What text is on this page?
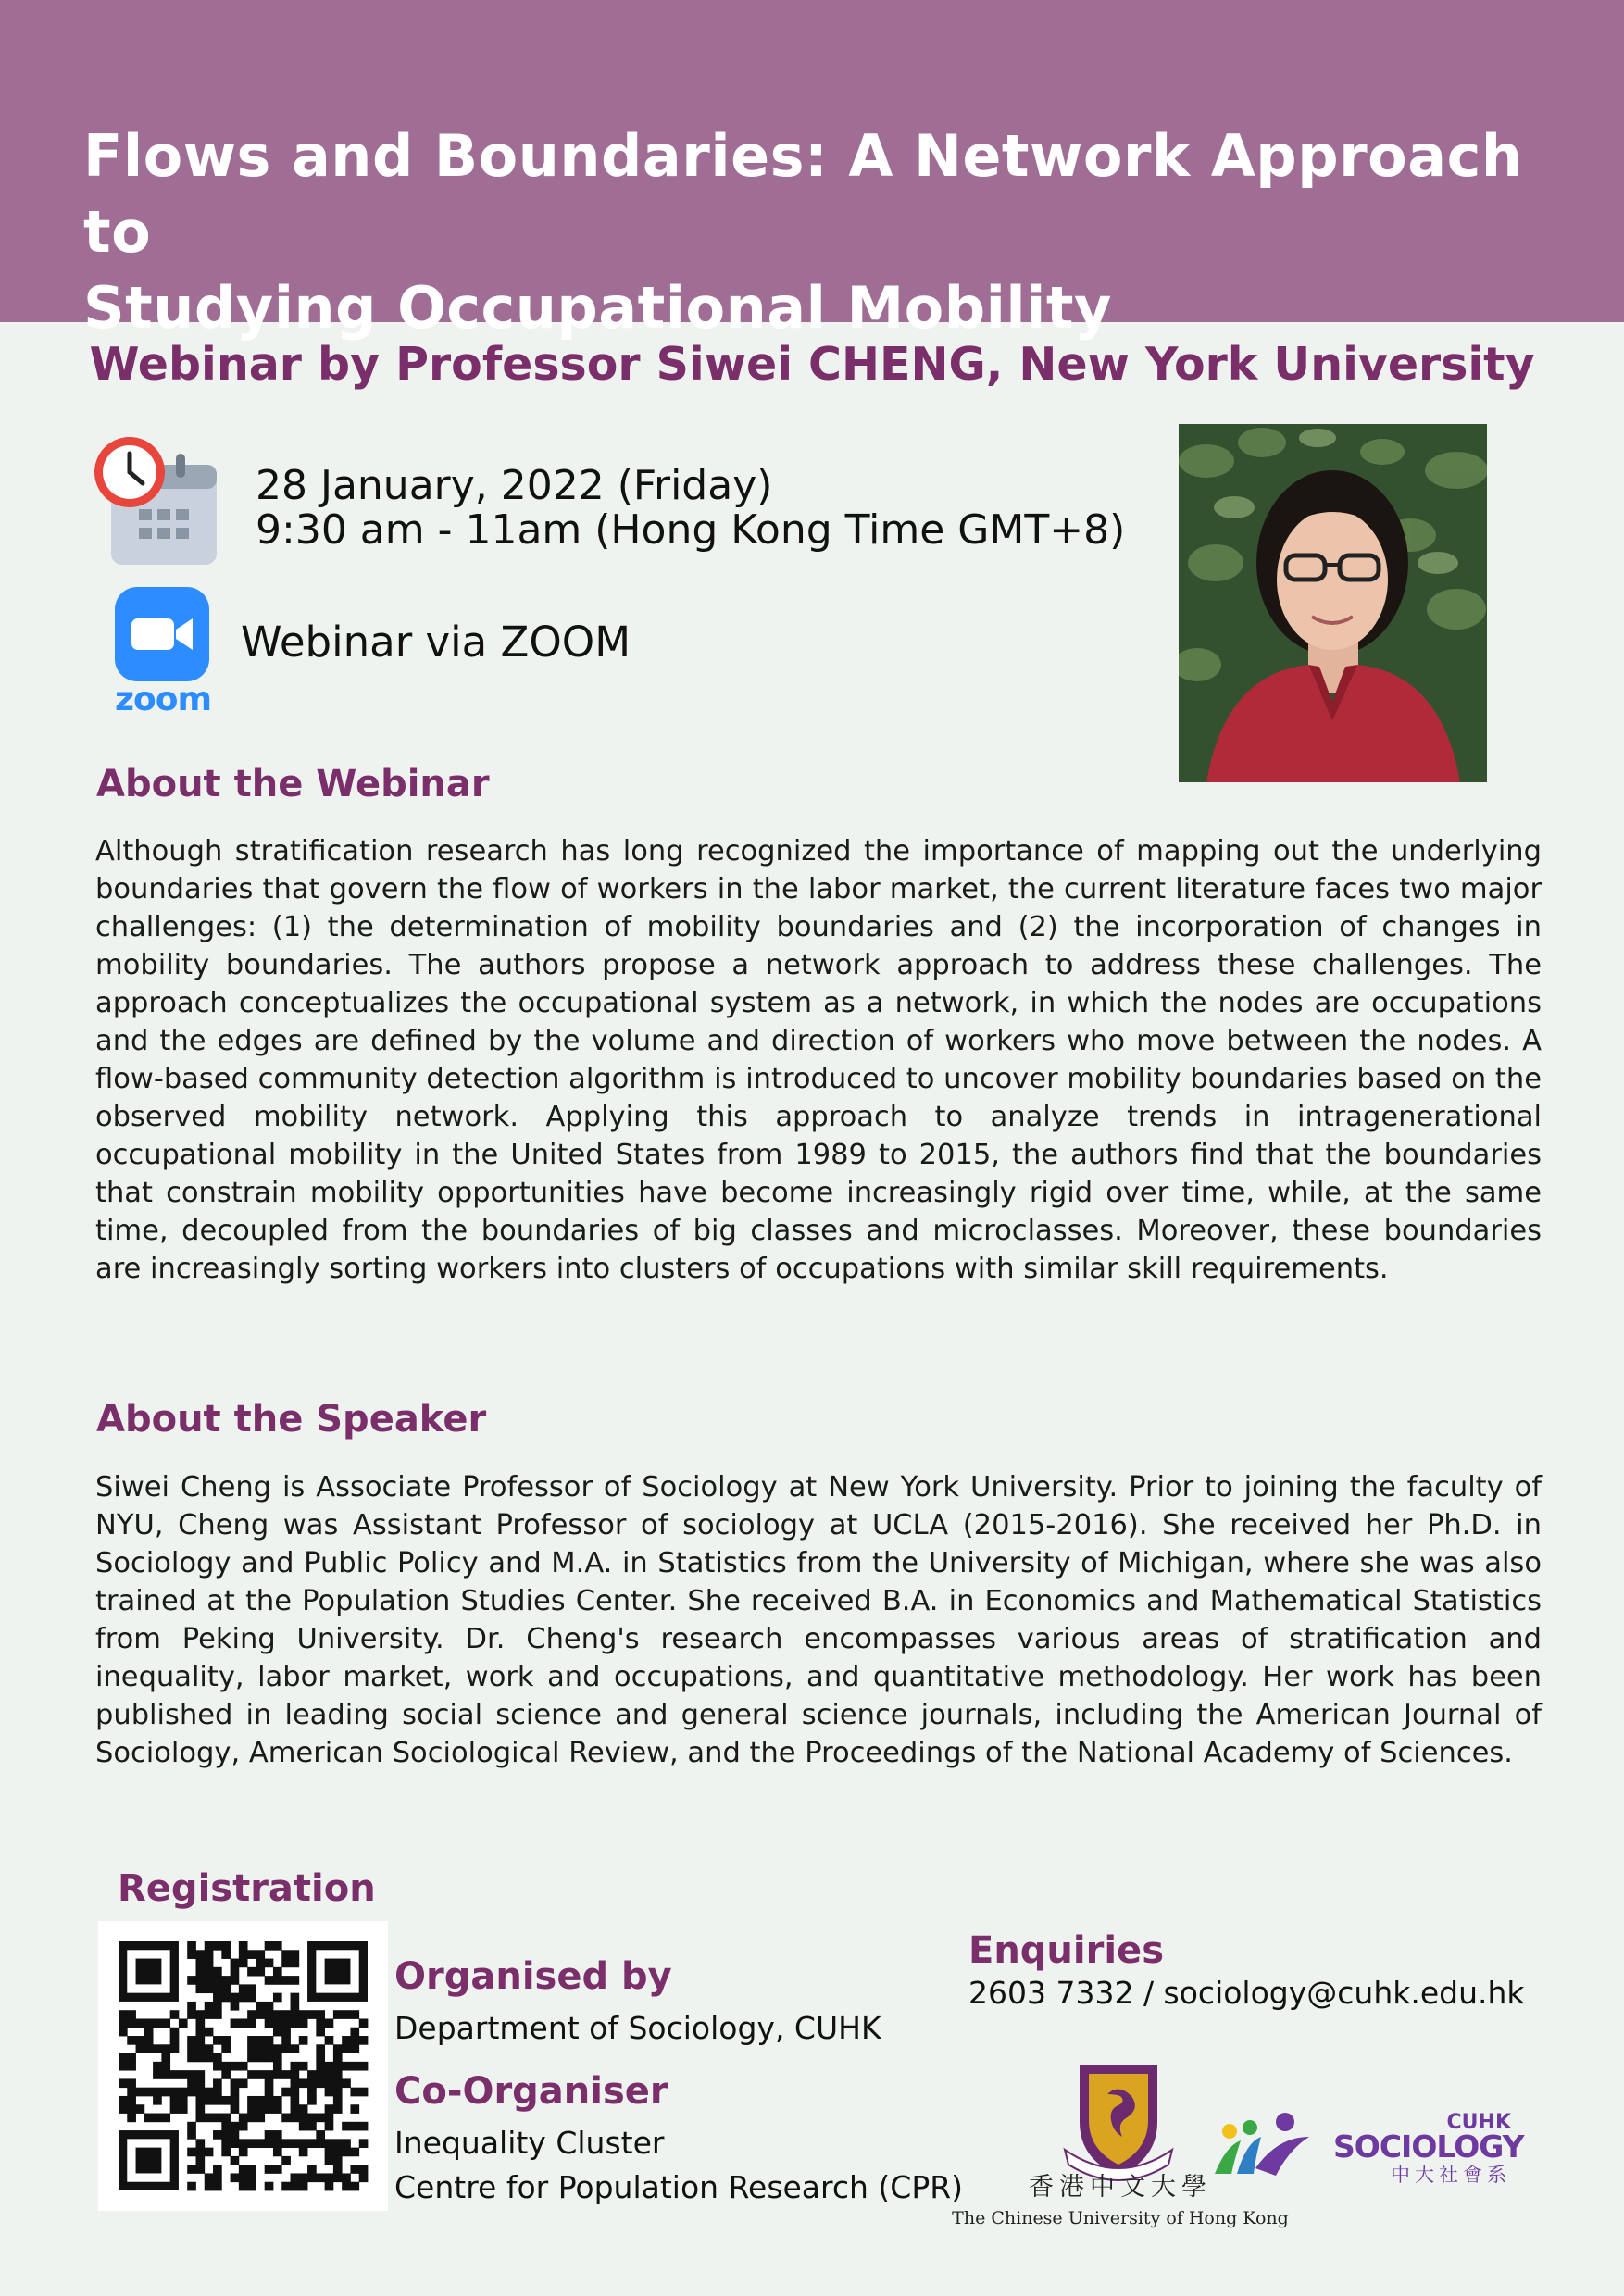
Flows and Boundaries: A Network Approach to
Studying Occupational Mobility
Webinar by Professor Siwei CHENG, New York University
28 January, 2022 (Friday)
9:30 am - 11am (Hong Kong Time GMT+8)
zoom
Webinar via ZOOM
About the Webinar
Although stratification research has long recognized the importance of mapping out the underlying boundaries that govern the flow of workers in the labor market, the current literature faces two major challenges: (1) the determination of mobility boundaries and (2) the incorporation of changes in mobility boundaries. The authors propose a network approach to address these challenges. The approach conceptualizes the occupational system as a network, in which the nodes are occupations and the edges are defined by the volume and direction of workers who move between the nodes. A flow-based community detection algorithm is introduced to uncover mobility boundaries based on the observed mobility network. Applying this approach to analyze trends in intragenerational occupational mobility in the United States from 1989 to 2015, the authors find that the boundaries that constrain mobility opportunities have become increasingly rigid over time, while, at the same time, decoupled from the boundaries of big classes and microclasses. Moreover, these boundaries are increasingly sorting workers into clusters of occupations with similar skill requirements.
About the Speaker
Siwei Cheng is Associate Professor of Sociology at New York University. Prior to joining the faculty of NYU, Cheng was Assistant Professor of sociology at UCLA (2015-2016). She received her Ph.D. in Sociology and Public Policy and M.A. in Statistics from the University of Michigan, where she was also trained at the Population Studies Center. She received B.A. in Economics and Mathematical Statistics from Peking University. Dr. Cheng's research encompasses various areas of stratification and inequality, labor market, work and occupations, and quantitative methodology. Her work has been published in leading social science and general science journals, including the American Journal of Sociology, American Sociological Review, and the Proceedings of the National Academy of Sciences.
Registration
Organised by
Department of Sociology, CUHK
Co-Organiser
Inequality Cluster
Centre for Population Research (CPR)
Enquiries
2603 7332 / sociology@cuhk.edu.hk
香港中文大學
The Chinese University of Hong Kong
CUHK
SOCIOLOGY
中大社會系
